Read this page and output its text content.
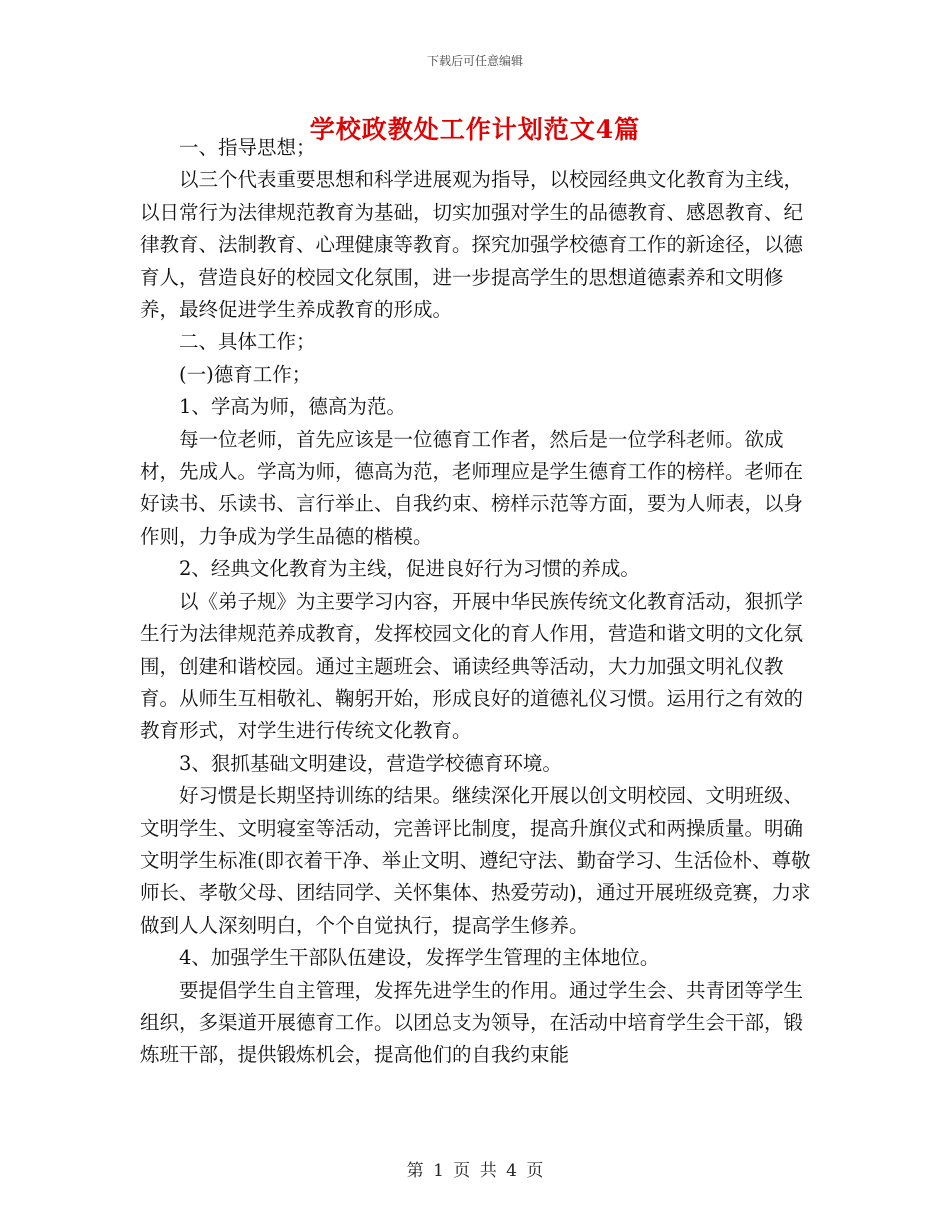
下载后可任意编辑
学校政教处工作计划范文4篇

一、指导思想；

以三个代表重要思想和科学进展观为指导，以校园经典文化教育为主线，以日常行为法律规范教育为基础，切实加强对学生的品德教育、感恩教育、纪律教育、法制教育、心理健康等教育。探究加强学校德育工作的新途径，以德育人，营造良好的校园文化氛围，进一步提高学生的思想道德素养和文明修养，最终促进学生养成教育的形成。

二、具体工作；

(一)德育工作；

1、学高为师，德高为范。

每一位老师，首先应该是一位德育工作者，然后是一位学科老师。欲成材，先成人。学高为师，德高为范，老师理应是学生德育工作的榜样。老师在好读书、乐读书、言行举止、自我约束、榜样示范等方面，要为人师表，以身作则，力争成为学生品德的楷模。

2、经典文化教育为主线，促进良好行为习惯的养成。

以《弟子规》为主要学习内容，开展中华民族传统文化教育活动，狠抓学生行为法律规范养成教育，发挥校园文化的育人作用，营造和谐文明的文化氛围，创建和谐校园。通过主题班会、诵读经典等活动，大力加强文明礼仪教育。从师生互相敬礼、鞠躬开始，形成良好的道德礼仪习惯。运用行之有效的教育形式，对学生进行传统文化教育。

3、狠抓基础文明建设，营造学校德育环境。

好习惯是长期坚持训练的结果。继续深化开展以创文明校园、文明班级、文明学生、文明寝室等活动，完善评比制度，提高升旗仪式和两操质量。明确文明学生标准(即衣着干净、举止文明、遵纪守法、勤奋学习、生活俭朴、尊敬师长、孝敬父母、团结同学、关怀集体、热爱劳动)，通过开展班级竞赛，力求做到人人深刻明白，个个自觉执行，提高学生修养。

4、加强学生干部队伍建设，发挥学生管理的主体地位。

要提倡学生自主管理，发挥先进学生的作用。通过学生会、共青团等学生组织，多渠道开展德育工作。以团总支为领导，在活动中培育学生会干部，锻炼班干部，提供锻炼机会，提高他们的自我约束能

第 1 页 共 4 页
